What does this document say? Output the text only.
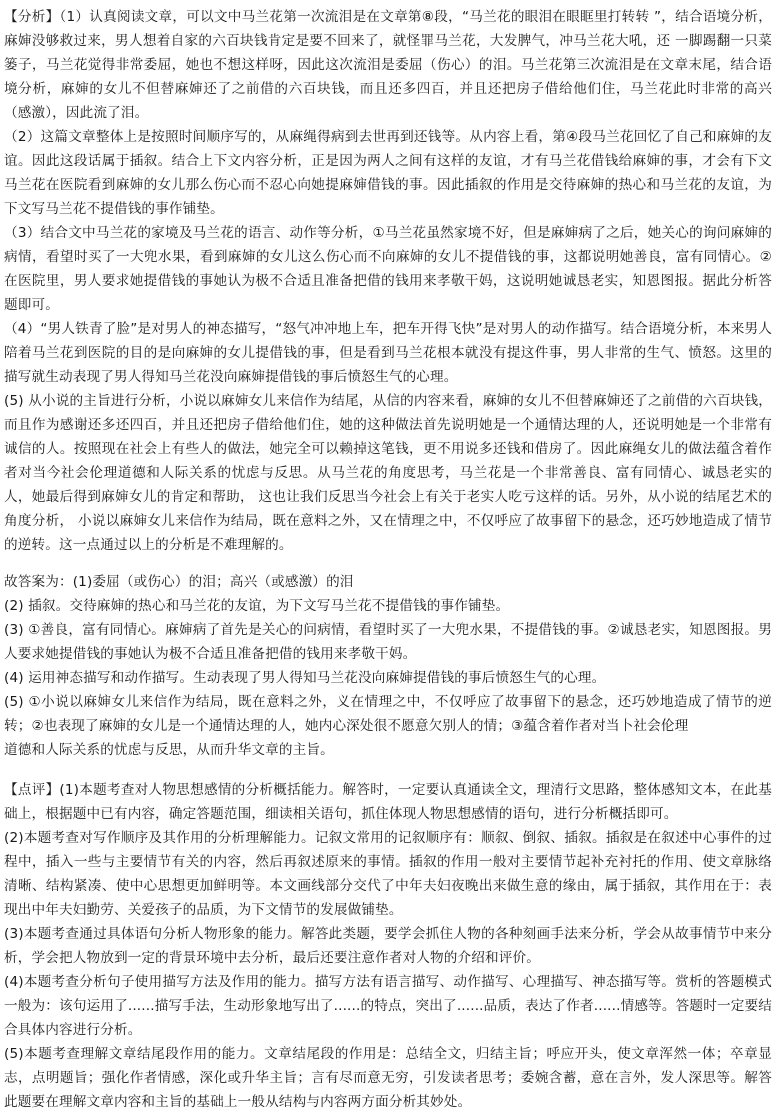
【分析】（1）认真阅读文章，可以文中马兰花第一次流泪是在文章第⑧段，“马兰花的眼泪在眼眶里打转转 ”，结合语境分析， 麻婶没够救过来，男人想着自家的六百块钱肯定是要不回来了，就怪罪马兰花，大发脾气，冲马兰花大吼，还 一脚踢翻一只菜篓子，马兰花觉得非常委屈，她也不想这样呀，因此这次流泪是委屈（伤心）的泪。马兰花第三次流泪是在文章末尾，结合语境分析，麻婶的女儿不但替麻婶还了之前借的六百块钱，而且还多四百，并且还把房子借给他们住，马兰花此时非常的高兴（感激），因此流了泪。

（2）这篇文章整体上是按照时间顺序写的，从麻绳得病到去世再到还钱等。从内容上看，第④段马兰花回忆了自己和麻婶的友谊。因此这段话属于插叙。结合上下文内容分析，正是因为两人之间有这样的友谊，才有马兰花借钱给麻婶的事，才会有下文马兰花在医院看到麻婶的女儿那么伤心而不忍心向她提麻婶借钱的事。因此插叙的作用是交待麻婶的热心和马兰花的友谊，为下文写马兰花不提借钱的事作铺垫。

（3）结合文中马兰花的家境及马兰花的语言、动作等分析，①马兰花虽然家境不好，但是麻婶病了之后，她关心的询问麻婶的病情，看望时买了一大兜水果，看到麻婶的女儿这么伤心而不向麻婶的女儿不提借钱的事，这都说明她善良，富有同情心。②在医院里，男人要求她提借钱的事她认为极不合适且准备把借的钱用来孝敬干妈，这说明她诚恳老实，知恩图报。据此分析答题即可。

（4）“男人铁青了脸”是对男人的神态描写，“怒气冲冲地上车，把车开得飞快”是对男人的动作描写。结合语境分析，本来男人陪着马兰花到医院的目的是向麻婶的女儿提借钱的事，但是看到马兰花根本就没有提这件事，男人非常的生气、愤怒。这里的描写就生动表现了男人得知马兰花没向麻婶提借钱的事后愤怒生气的心理。

(5) 从小说的主旨进行分析，小说以麻婶女儿来信作为结尾，从信的内容来看，麻婶的女儿不但替麻婶还了之前借的六百块钱，而且作为感谢还多还四百，并且还把房子借给他们住，她的这种做法首先说明她是一个通情达理的人，还说明她是一个非常有诚信的人。按照现在社会上有些人的做法，她完全可以赖掉这笔钱，更不用说多还钱和借房了。因此麻绳女儿的做法蕴含着作者对当今社会伦理道德和人际关系的忧虑与反思。从马兰花的角度思考，马兰花是一个非常善良、富有同情心、诚恳老实的人，她最后得到麻婶女儿的肯定和帮助， 这也让我们反思当今社会上有关于老实人吃亏这样的话。另外，从小说的结尾艺术的角度分析， 小说以麻婶女儿来信作为结局，既在意料之外，又在情理之中，不仅呼应了故事留下的悬念，还巧妙地造成了情节的逆转。这一点通过以上的分析是不难理解的。

故答案为：(1)委屈（或伤心）的泪；高兴（或感激）的泪

(2) 插叙。交待麻婶的热心和马兰花的友谊，为下文写马兰花不提借钱的事作铺垫。

(3) ①善良，富有同情心。麻婶病了首先是关心的问病情，看望时买了一大兜水果，不提借钱的事。②诚恳老实，知恩图报。男人要求她提借钱的事她认为极不合适且准备把借的钱用来孝敬干妈。

(4) 运用神态描写和动作描写。生动表现了男人得知马兰花没向麻婶提借钱的事后愤怒生气的心理。

(5) ①小说以麻婶女儿来信作为结局，既在意料之外，义在情理之中，不仅呼应了故事留下的悬念，还巧妙地造成了情节的逆转；②也表现了麻婶的女儿是一个通情达理的人，她内心深处很不愿意欠别人的情；③蕴含着作者对当卜社会伦理

道德和人际关系的忧虑与反思，从而升华文章的主旨。

【点评】(1)本题考查对人物思想感情的分析概括能力。解答时，一定要认真通读全文，理清行文思路，整体感知文本，在此基础上，根据题中已有内容，确定答题范围，细读相关语句，抓住体现人物思想感情的语句，进行分析概括即可。

(2)本题考查对写作顺序及其作用的分析理解能力。记叙文常用的记叙顺序有：顺叙、倒叙、插叙。插叙是在叙述中心事件的过程中，插入一些与主要情节有关的内容，然后再叙述原来的事情。插叙的作用一般对主要情节起补充衬托的作用、使文章脉络清晰、结构紧凑、使中心思想更加鲜明等。本文画线部分交代了中年夫妇夜晚出来做生意的缘由，属于插叙，其作用在于：表现出中年夫妇勤劳、关爱孩子的品质，为下文情节的发展做铺垫。

(3)本题考查通过具体语句分析人物形象的能力。解答此类题，要学会抓住人物的各种刻画手法来分析，学会从故事情节中来分析，学会把人物放到一定的背景环境中去分析，最后还要注意作者对人物的介绍和评价。

(4)本题考查分析句子使用描写方法及作用的能力。描写方法有语言描写、动作描写、心理描写、神态描写等。赏析的答题模式一般为：该句运用了......描写手法，生动形象地写出了......的特点，突出了......品质，表达了作者......情感等。答题时一定要结合具体内容进行分析。

(5)本题考查理解文章结尾段作用的能力。文章结尾段的作用是：总结全文，归结主旨；呼应开头，使文章浑然一体；卒章显志，点明题旨；强化作者情感，深化或升华主旨；言有尽而意无穷，引发读者思考；委婉含蓄，意在言外，发人深思等。解答此题要在理解文章内容和主旨的基础上一般从结构与内容两方面分析其妙处。
